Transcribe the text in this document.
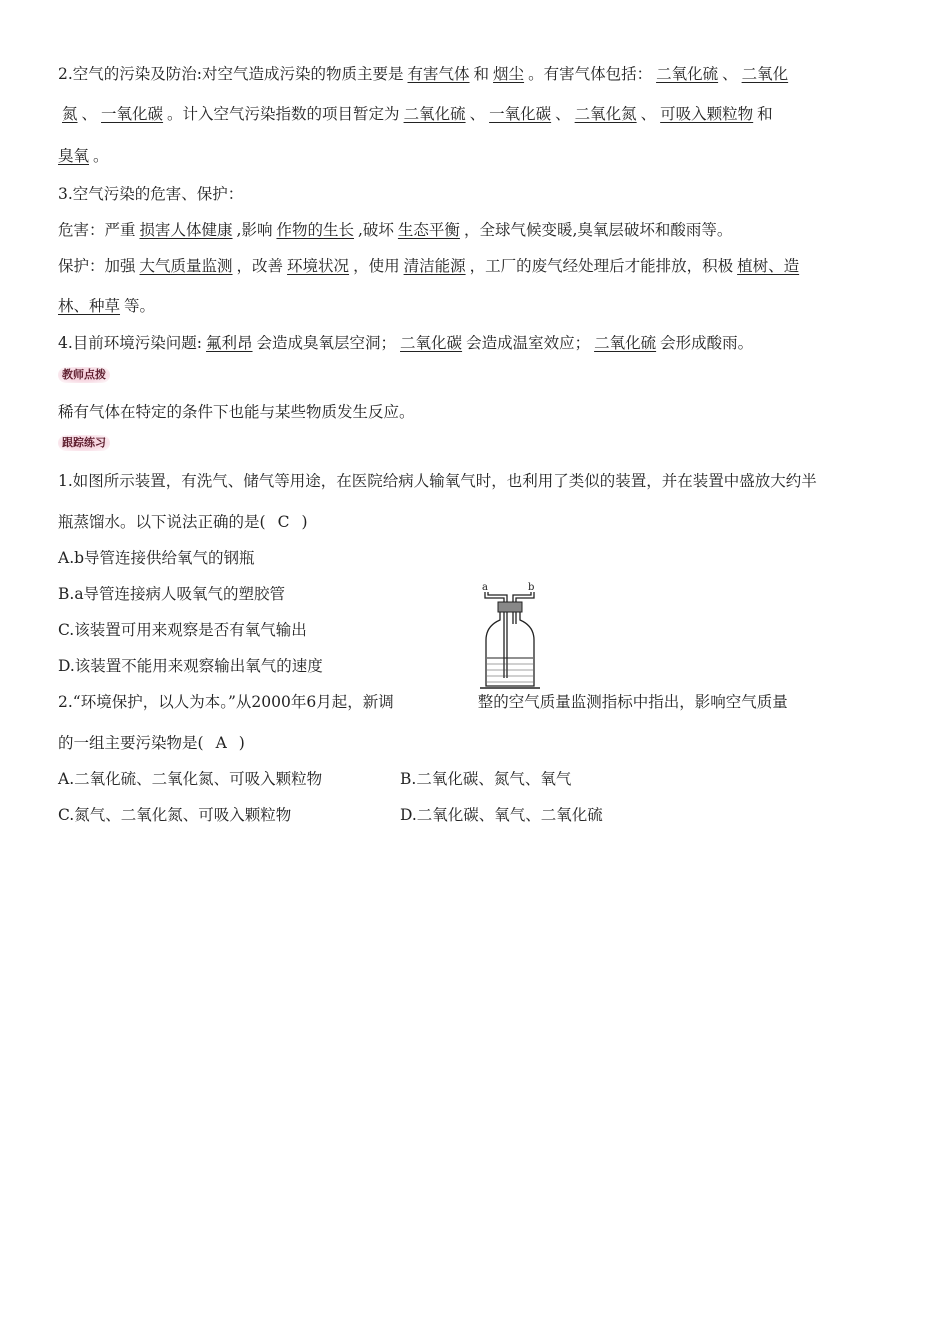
2.空气的污染及防治:对空气造成污染的物质主要是 有害气体 和 烟尘 。有害气体包括： 二氧化硫 、 二氧化
氮 、 一氧化碳 。计入空气污染指数的项目暂定为 二氧化硫 、 一氧化碳 、 二氧化氮 、 可吸入颗粒物 和
臭氧 。
3.空气污染的危害、保护：
危害：严重 损害人体健康 ,影响 作物的生长 ,破坏 生态平衡 ，全球气候变暖,臭氧层破坏和酸雨等。
保护：加强 大气质量监测 ，改善 环境状况 ，使用 清洁能源 ，工厂的废气经处理后才能排放，积极 植树、造
林、种草 等。
4.目前环境污染问题: 氟利昂 会造成臭氧层空洞； 二氧化碳 会造成温室效应； 二氧化硫 会形成酸雨。
教师点拨
稀有气体在特定的条件下也能与某些物质发生反应。
跟踪练习
1.如图所示装置，有洗气、储气等用途，在医院给病人输氧气时，也利用了类似的装置，并在装置中盛放大约半
瓶蒸馏水。以下说法正确的是( C )
A.b导管连接供给氧气的钢瓶
B.a导管连接病人吸氧气的塑胶管
C.该装置可用来观察是否有氧气输出
D.该装置不能用来观察输出氧气的速度
a	b
2.“环境保护，以人为本。”从2000年6月起，新调	整的空气质量监测指标中指出，影响空气质量
的一组主要污染物是( A )
A.二氧化硫、二氧化氮、可吸入颗粒物	B.二氧化碳、氮气、氧气
C.氮气、二氧化氮、可吸入颗粒物	D.二氧化碳、氧气、二氧化硫
